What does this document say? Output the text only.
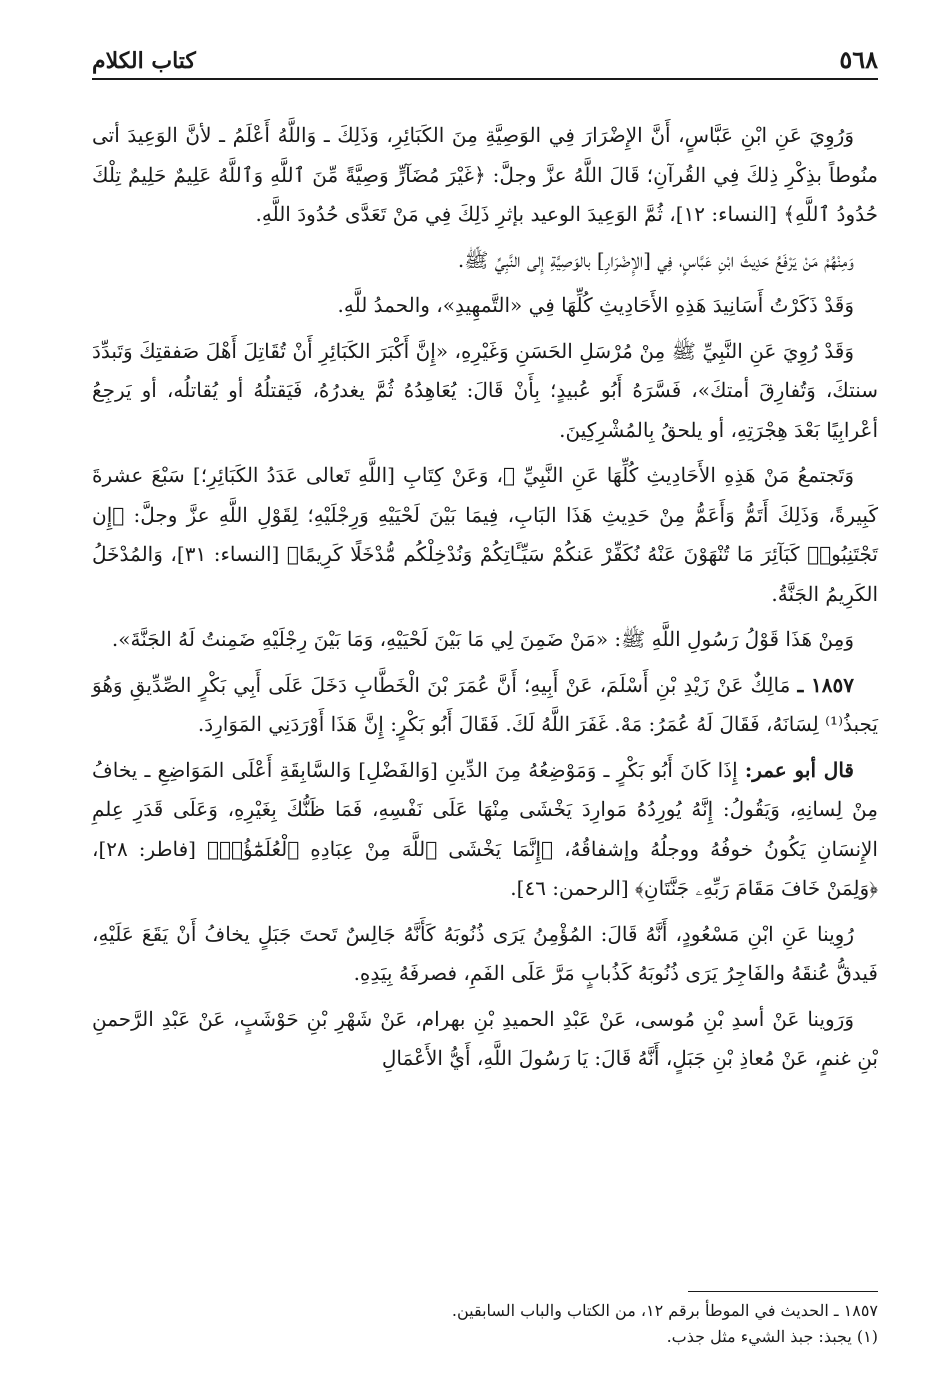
٥٦٨
كتاب الكلام

وَرُوِيَ عَنِ ابْنِ عَبَّاسٍ، أَنَّ الإِضْرَارَ فِي الوَصِيَّةِ مِنَ الكَبَائِرِ، وَذَلِكَ ـ وَاللَّهُ أَعْلَمُ ـ لأنَّ الوَعِيدَ أتى منُوطاً بذِكْرِ ذِلكَ فِي القُرآنِ؛ قَالَ اللَّهُ عزَّ وجلَّ: ﴿غَيْرَ مُضَآرٍّ وَصِيَّةً مِّنَ ٱللَّهِ وَٱللَّهُ عَلِيمٌ حَلِيمٌ تِلْكَ حُدُودُ ٱللَّهِ﴾ [النساء: ١٢]، ثُمَّ الوَعِيدَ الوعيد بإثرِ ذَلِكَ فِي مَنْ تَعَدَّى حُدُودَ اللَّهِ.

وَمِنْهُمْ مَنْ يَرْفَعُ حَدِيثَ ابْنِ عَبَّاسٍ، فِي [الإِضْرَارِ] بالوَصِيَّةِ إِلى النَّبِيِّ ﷺ.

وَقَدْ ذَكَرْتُ أَسَانِيدَ هَذِهِ الأَحَادِيثِ كُلِّهَا فِي «التَّمهِيدِ»، والحمدُ للَّهِ.

وَقَدْ رُوِيَ عَنِ النَّبِيِّ ﷺ مِنْ مُرْسَلِ الحَسَنِ وَغَيْرِهِ، «إِنَّ أَكْبَرَ الكَبَائِرِ أَنْ تُقَاتِلَ أَهْلَ صَفقتِكَ وَتَبدِّدَ سنتكَ، وَتُفارِقَ أمتكَ»، فَسَّرَهُ أَبُو عُبيدٍ؛ بِأَنْ قَالَ: يُعَاهِدُهُ ثُمَّ يغدرُهُ، فَيَقتلُهُ أو يُقاتلُه، أو يَرجِعُ أعْرابِيًا بَعْدَ هِجْرَتِهِ، أو يلحقُ بِالمُشْرِكِينَ.

وَتَجتمعُ مَنْ هَذِهِ الأَحَادِيثِ كُلِّهَا عَنِ النَّبِيِّ ﷺ، وَعَنْ كِتَابِ [اللَّهِ تَعالى عَدَدُ الكَبَائِرِ؛] سَبْعَ عشرةَ كَبِيرةً، وَذَلِكَ أَتَمُّ وَأَعَمُّ مِنْ حَدِيثِ هَذَا البَابِ، فِيمَا بَيْنَ لَحْيَيْهِ وَرِجْلَيْهِ؛ لِقَوْلِ اللَّهِ عزَّ وجلَّ: ﴿إِن تَجْتَنِبُوا۟ كَبَآئِرَ مَا تُنْهَوْنَ عَنْهُ نُكَفِّرْ عَنكُمْ سَيِّـَٔاتِكُمْ وَنُدْخِلْكُم مُّدْخَلًا كَرِيمًا﴾ [النساء: ٣١]، وَالمُدْخَلُ الكَرِيمُ الجَنَّةُ.

وَمِنْ هَذَا قَوْلُ رَسُولِ اللَّهِ ﷺ: «مَنْ ضَمِنَ لِي مَا بَيْنَ لَحْيَيْهِ، وَمَا بَيْنَ رِجْلَيْهِ ضَمِنتُ لَهُ الجَنَّةَ».

١٨٥٧ ـ مَالِكٌ عَنْ زَيْدِ بْنِ أَسْلَمَ، عَنْ أَبِيهِ؛ أَنَّ عُمَرَ بْنَ الْخَطَّابِ دَخَلَ عَلَى أَبِي بَكْرٍ الصِّدِّيقِ وَهُوَ يَجبذُ⁽¹⁾ لِسَانَهُ، فَقَالَ لَهُ عُمَرُ: مَهْ. غَفَرَ اللَّهُ لَكَ. فَقَالَ أَبُو بَكْرٍ: إِنَّ هَذَا أَوْرَدَنِي المَوَارِدَ.

قال أبو عمر: إِذَا كَانَ أَبُو بَكْرٍ ـ وَمَوْضِعُهُ مِنَ الدِّينِ [وَالفَضْلِ] وَالسَّابِقَةِ أَعْلَى المَوَاضِعِ ـ يخافُ مِنْ لِسانِهِ، وَيَقُولُ: إِنَّهُ يُورِدُهُ مَوارِدَ يَخْشَى مِنْهَا عَلَى نَفْسِهِ، فَمَا ظَنُّكَ بِغَيْرِهِ، وَعَلَى قَدَرِ عِلمِ الإِنسَانِ يَكُونُ خوفُهُ ووجلُهُ وإشفاقُهُ، ﴿إِنَّمَا يَخْشَى ٱللَّهَ مِنْ عِبَادِهِ ٱلْعُلَمَٰٓؤُا۟﴾ [فاطر: ٢٨]، ﴿وَلِمَنْ خَافَ مَقَامَ رَبِّهِۦ جَنَّتَانِ﴾ [الرحمن: ٤٦].

رُوِينا عَنِ ابْنِ مَسْعُودٍ، أَنَّهُ قَالَ: المُؤْمِنُ يَرَى ذُنُوبَهُ كَأَنَّهُ جَالِسٌ تَحتَ جَبَلٍ يخافُ أَنْ يَقَعَ عَلَيْهِ، فَيدقُّ عُنقَهُ والفَاجِرُ يَرَى ذُنُوبَهُ كَذُبابٍ مَرَّ عَلَى الفَمِ، فصرفَهُ بِيَدِهِ.

وَرَوينا عَنْ أسدِ بْنِ مُوسى، عَنْ عَبْدِ الحميدِ بْنِ بهرام، عَنْ شَهْرِ بْنِ حَوْشَبٍ، عَنْ عَبْدِ الرَّحمنِ بْنِ غنمٍ، عَنْ مُعاذِ بْنِ جَبَلٍ، أَنَّهُ قَالَ: يَا رَسُولَ اللَّهِ، أَيُّ الأَعْمَالِ

١٨٥٧ ـ الحديث في الموطأ برقم ١٢، من الكتاب والباب السابقين.

(١) يجبذ: جبذ الشيء مثل جذب.
